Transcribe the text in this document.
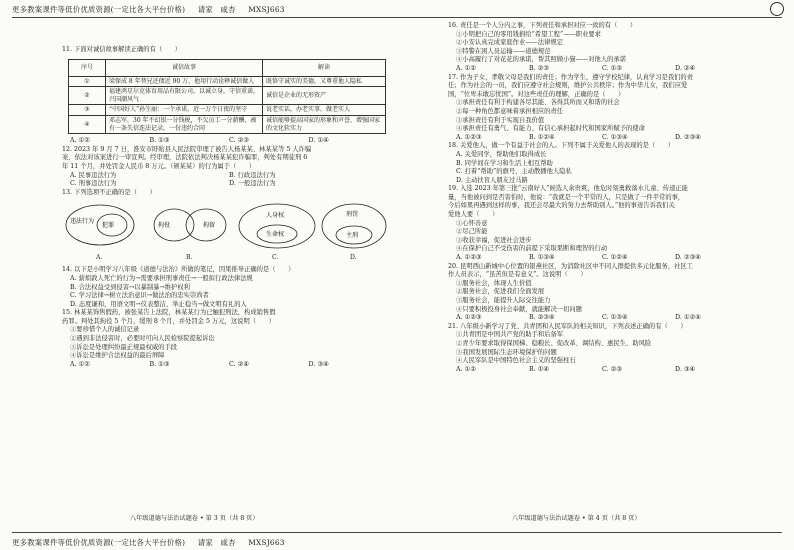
更多教案课件等低价优质资源(一定比各大平台价格) 请家　咸杏 MXSJ663

11. 下面对诚信故事解读正确的有（　　）

序号	诚信故事	解读
①	梁保成 8 年替兄还债近 90 万，他用行动诠释诚信做人	既恪守诚实的美德，又尊重他人隐私
②	福建鸿星尔克体育用品有限公司，以诚立身，守信重诺，兴国潮风气	诚信是企业的无形资产
③	“中国好人”孙生丽：一个承诺，近一万个日夜的坚守	说老实话，办老实事，做老实人
④	邓志军，30 年不幻银一分钱税，不欠员工一分薪酬，被有一条失信连法记录，一份违约合同	诚信能够提高国家的形象和声誉，增强国家的文化软实力
A. ①②	B. ①③	C. ②③	D. ①④

12. 2023 年 9 月 7 日，淮安市盱眙县人民法院审理了被告人杨某某、林某某等 5 人诈骗

案，依法对该案进行一审宣判。经审理，法院依法判决杨某某犯诈骗罪，判处有期徒刑 6

年 11 个月，并处罚金人民币 8 万元。（颁某某）的行为属于（　　）

A. 民事违法行为	B. 行政违法行为
C. 刑事违法行为	D. 一般违法行为

13. 下列选项不正确的是（　　）

违法行为
犯罪	拘役	拘留
人身权
生命权
刑罚
主刑
A.	B.	C.	D.

14. 以下是小明学习八年级《道德与法治》所做的笔记，因果推导正确的是（　　）

A. 薪烦敦人死亡的行为→需要承担刑事责任→一般拟行政法律法规

B. 合法权益受到侵害→以暴制暴→维护权利

C. 学习法律→树立法治意识→做法治的忠实崇尚者

D. 态度谦和，用语文明→仪表整洁，举止稳当→做文明有礼的人

15. 林某某饰售假药，被张某告上法院，林某某行为已触犯刑法，构成销售假

药罪。判处其拘役 5 个月，缓刑 8 个月，并处罚金 5 万元，这说明（　　）

①要珍惜个人的诚信记录

②遇到非法侵害时，必要时可向人民检察院提起诉讼

③诉讼是处理纠纷最正规最权威的手段

④诉讼是维护合法权益的最后屏障

A. ①②	B. ①③	C. ②④	D. ③④

16. 责任是一个人分内之事，下列责任和承担对应一致的有（　　）

①小明把自己的零用钱捐给“希望工程”——职业要求

②小安认真完成家庭作业——法律规定

③特警在困人员运输——道德规范

④小高履行了对花花的承诺，帮其照顾小猫——对他人的承诺

A. ①②	B. ②③	C. ①③	D. ②④

17. 作为子女，孝敬父母是我们的责任；作为学生，遵守学校纪律，认真学习是我们的责

任；作为社会的一员，我们应遵守社会规则，维护公共秩序；作为中华儿女，我们应爱

国，“位卑未敢忘忧国”。对这些责任的理解，正确的是（　　）

①承担责任有利于构建各尽其能、各得其所而又和谐的社会

②每一种角色都意味着承担相应的责任

③承担责任有利于实现自我价值

④承担责任有勇气、有能力、有信心承担起时代和国家所赋予的使命

A. ①②③	B. ①②④	C. ①③④	D. ②③④

18. 关爱他人，做一个有益于社会的人。下列不属于关爱他人的表现的是（　　）

A. 关爱同学，帮助他们取得成长

B. 同学间在学习和生活上相互帮助

C. 打着“帮助”的旗号，主动散播他人隐私

D. 主动扶盲人朋友过马路

19. 入选 2023 年第三批“云南好人”候选人余贵爽，他危时刻勇救落水儿童、传递正能

量，当他被问到是否害怕时，他说：“我就是一个平常的人，只是做了一件平常的事，

今后如果再遇到这样的事，我还会尽最大的努力去帮助别人。”他的事迹告诉我们关

爱他人要（　　）

①心怀善意

②尽己所能

③收获幸福，促进社会进步

④在保护自己不受伤害的前提下采取果断和理智的行动

A. ①②③	B. ①③④	C. ①②④	D. ②③④

20. 昆明西山新城中心位置的银燕社区，为消除社区中不同人群提供多元化服务，社区工

作人员表示，“虽苦但是有意义”。这说明（　　）

①服务社会，体现人生价值

②服务社会，促进我们全面发展

③服务社会，能提升人际交往能力

④只要积极投身社会奉献，就能解决一切问题

A. ①②③	B. ②③④	C. ①③④	D. ①②④

21. 八年级小新学习了党、共青团和人民军队的相关知识，下列表述正确的有（　　）

①共青团是中国共产党的助手和后备军

②青少年要求取得保国梯、稳粮长、促改革、调结构、惠民生、助风险

③我国发展国际生态环境保护的问题

④人民军队是中国特色社会主义的坚强柱石

A. ①②	B. ①④	C. ②③	D. ③④
八年级道德与法治试题卷 • 第 3 页（共 8 页）	八年级道德与法治试题卷 • 第 4 页（共 8 页）
更多教案课件等低价优质资源(一定比各大平台价格) 请家　咸杏 MXSJ663
